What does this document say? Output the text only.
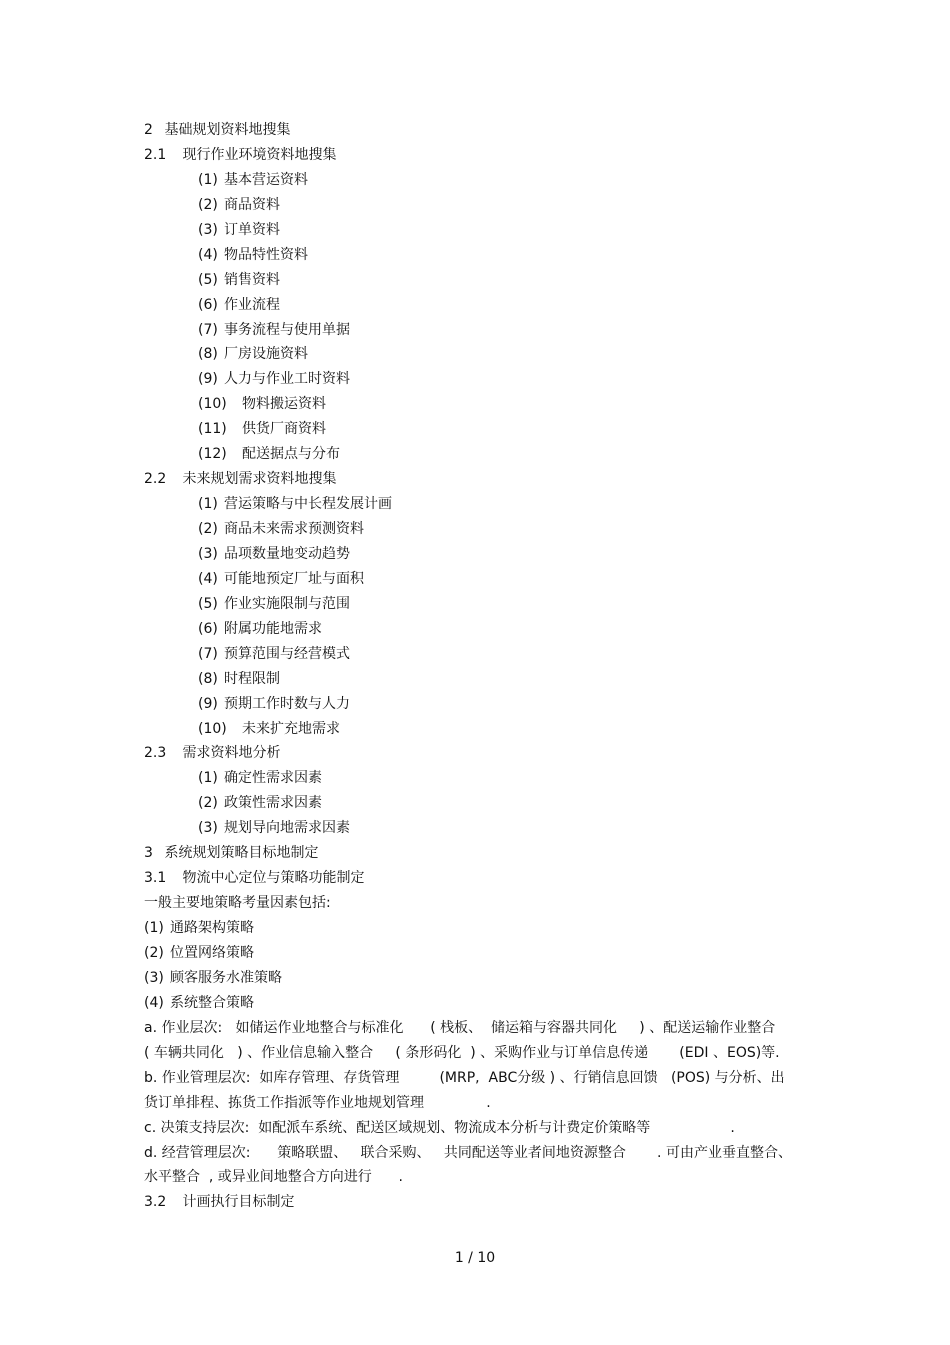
2 基础规划资料地搜集
2.1 现行作业环境资料地搜集
(1) 基本营运资料
(2) 商品资料
(3) 订单资料
(4) 物品特性资料
(5) 销售资料
(6) 作业流程
(7) 事务流程与使用单据
(8) 厂房设施资料
(9) 人力与作业工时资料
(10) 物料搬运资料
(11) 供货厂商资料
(12) 配送据点与分布
2.2 未来规划需求资料地搜集
(1) 营运策略与中长程发展计画
(2) 商品未来需求预测资料
(3) 品项数量地变动趋势
(4) 可能地预定厂址与面积
(5) 作业实施限制与范围
(6) 附属功能地需求
(7) 预算范围与经营模式
(8) 时程限制
(9) 预期工作时数与人力
(10) 未来扩充地需求
2.3 需求资料地分析
(1) 确定性需求因素
(2) 政策性需求因素
(3) 规划导向地需求因素
3 系统规划策略目标地制定
3.1 物流中心定位与策略功能制定
一般主要地策略考量因素包括:
(1) 通路架构策略
(2) 位置网络策略
(3) 顾客服务水准策略
(4) 系统整合策略
a. 作业层次:   如储运作业地整合与标准化      ( 栈板、  储运箱与容器共同化     ) 、配送运输作业整合
( 车辆共同化   ) 、作业信息输入整合     ( 条形码化  ) 、采购作业与订单信息传递       (EDI 、EOS)等.
b. 作业管理层次:  如库存管理、存货管理         (MRP,  ABC分级 ) 、行销信息回馈   (POS) 与分析、出
货订单排程、拣货工作指派等作业地规划管理              .
c. 决策支持层次:  如配派车系统、配送区域规划、物流成本分析与计费定价策略等                  .
d. 经营管理层次:      策略联盟、   联合采购、   共同配送等业者间地资源整合       . 可由产业垂直整合、
水平整合  , 或异业间地整合方向进行      .
3.2 计画执行目标制定
1 / 10
